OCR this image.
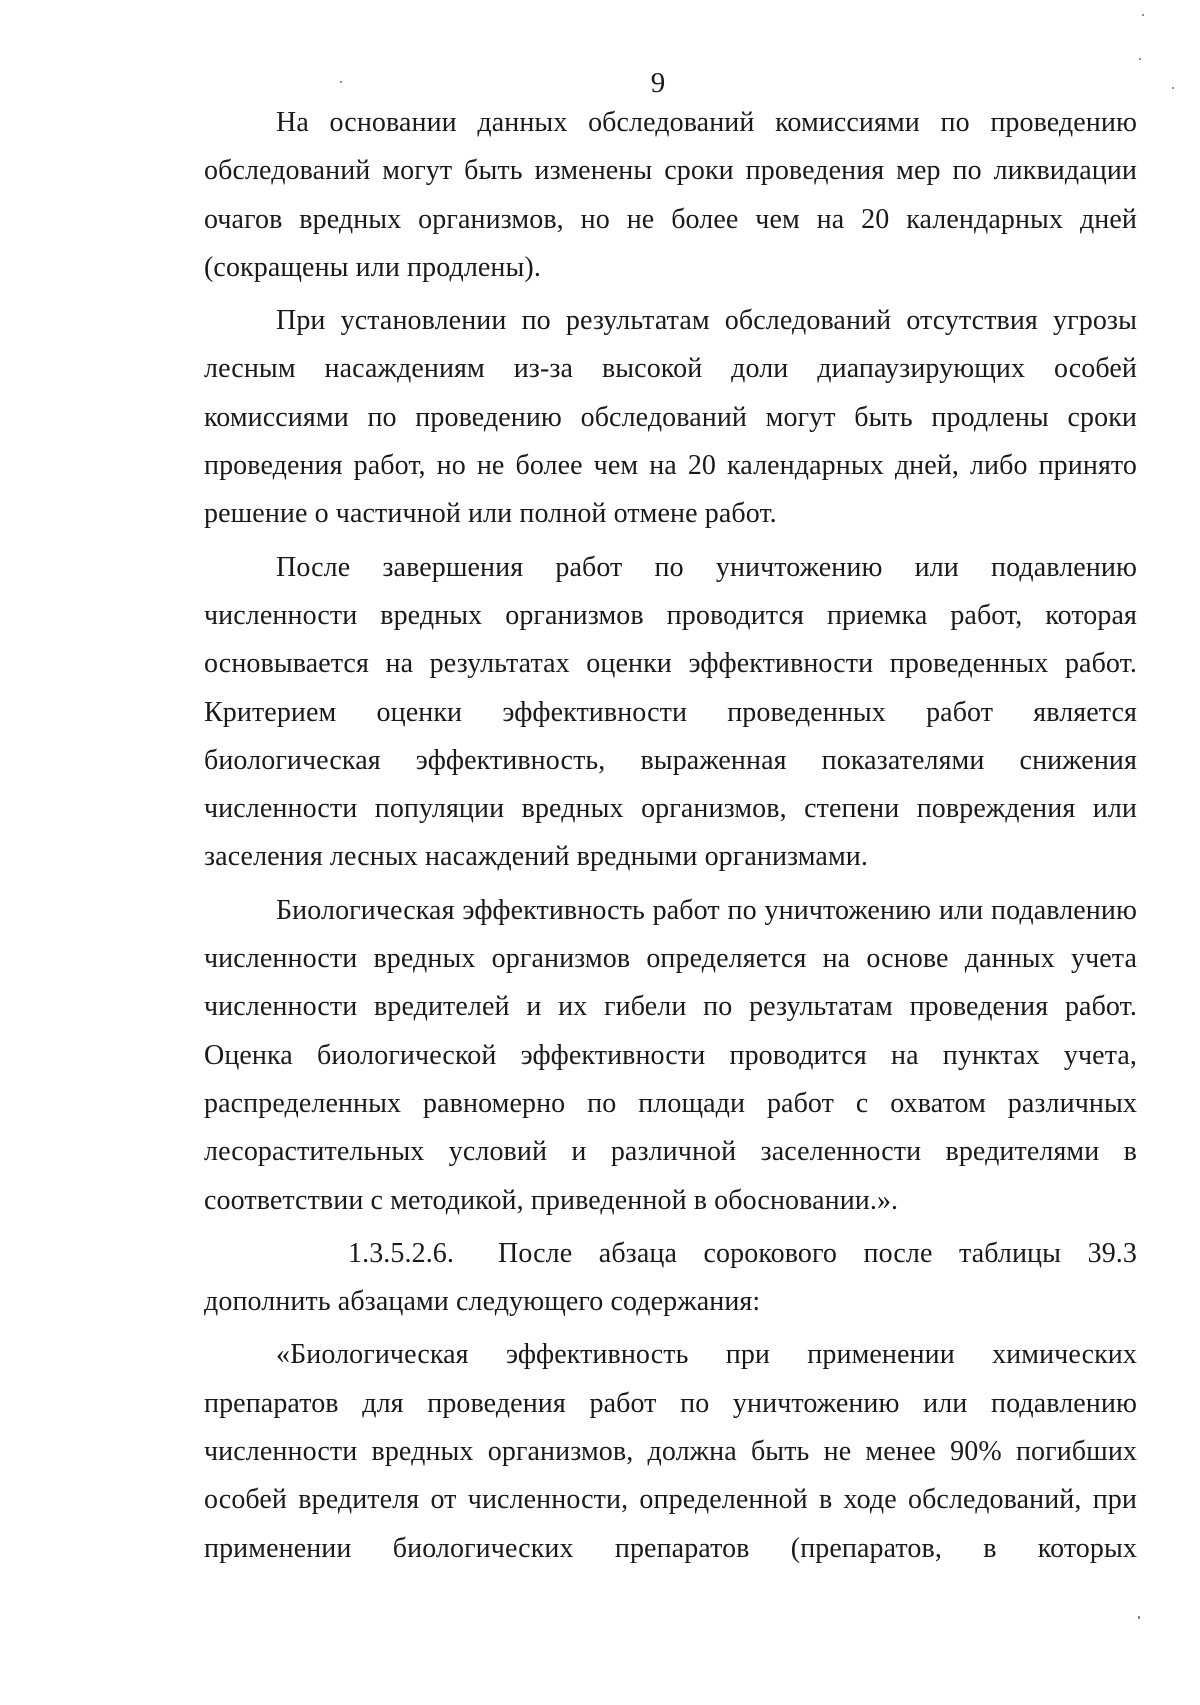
9

На основании данных обследований комиссиями по проведению обследований могут быть изменены сроки проведения мер по ликвидации очагов вредных организмов, но не более чем на 20 календарных дней (сокращены или продлены).

При установлении по результатам обследований отсутствия угрозы лесным насаждениям из-за высокой доли диапаузирующих особей комиссиями по проведению обследований могут быть продлены сроки проведения работ, но не более чем на 20 календарных дней, либо принято решение о частичной или полной отмене работ.

После завершения работ по уничтожению или подавлению численности вредных организмов проводится приемка работ, которая основывается на результатах оценки эффективности проведенных работ. Критерием оценки эффективности проведенных работ является биологическая эффективность, выраженная показателями снижения численности популяции вредных организмов, степени повреждения или заселения лесных насаждений вредными организмами.

Биологическая эффективность работ по уничтожению или подавлению численности вредных организмов определяется на основе данных учета численности вредителей и их гибели по результатам проведения работ. Оценка биологической эффективности проводится на пунктах учета, распределенных равномерно по площади работ с охватом различных лесорастительных условий и различной заселенности вредителями в соответствии с методикой, приведенной в обосновании.».

1.3.5.2.6. После абзаца сорокового после таблицы 39.3 дополнить абзацами следующего содержания:

«Биологическая эффективность при применении химических препаратов для проведения работ по уничтожению или подавлению численности вредных организмов, должна быть не менее 90% погибших особей вредителя от численности, определенной в ходе обследований, при применении биологических препаратов (препаратов, в которых
